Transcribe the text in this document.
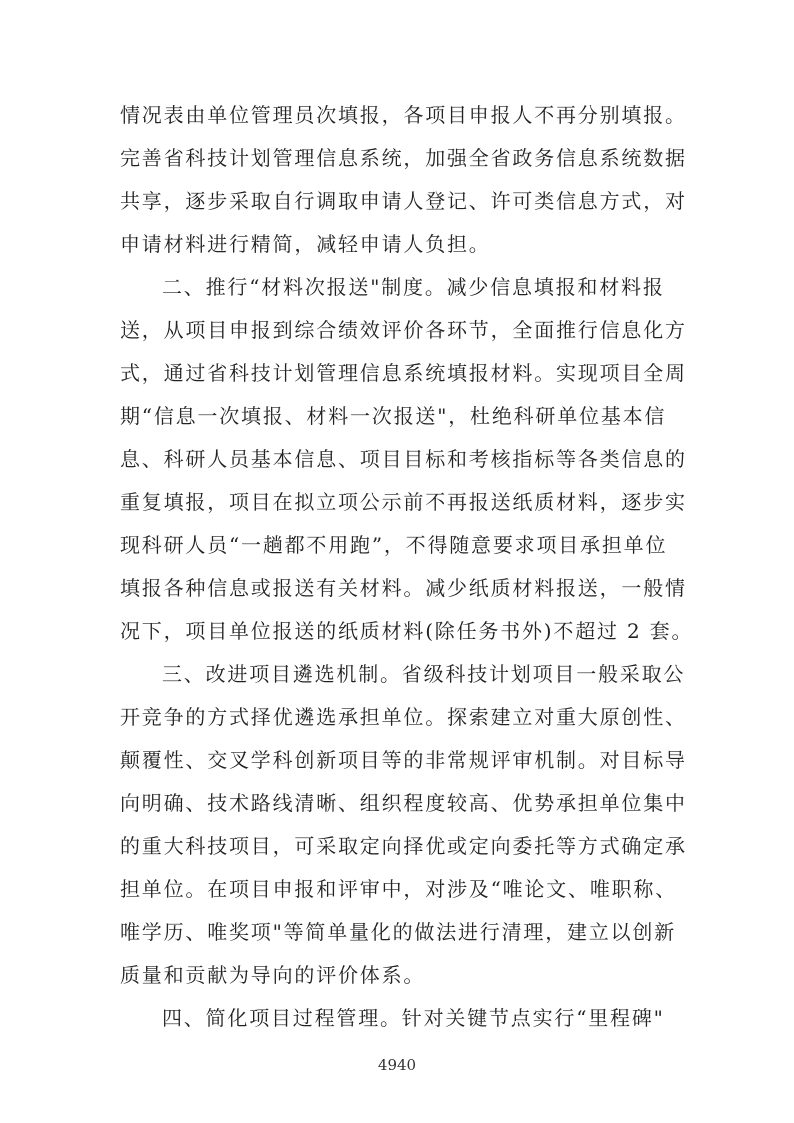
情况表由单位管理员次填报，各项目申报人不再分别填报。
完善省科技计划管理信息系统，加强全省政务信息系统数据
共享，逐步采取自行调取申请人登记、许可类信息方式，对
申请材料进行精简，减轻申请人负担。
二、推行“材料次报送"制度。减少信息填报和材料报
送，从项目申报到综合绩效评价各环节，全面推行信息化方
式，通过省科技计划管理信息系统填报材料。实现项目全周
期“信息一次填报、材料一次报送"，杜绝科研单位基本信
息、科研人员基本信息、项目目标和考核指标等各类信息的
重复填报，项目在拟立项公示前不再报送纸质材料，逐步实
现科研人员“一趟都不用跑”，不得随意要求项目承担单位
填报各种信息或报送有关材料。减少纸质材料报送，一般情
况下，项目单位报送的纸质材料(除任务书外)不超过 2 套。
三、改进项目遴选机制。省级科技计划项目一般采取公
开竞争的方式择优遴选承担单位。探索建立对重大原创性、
颠覆性、交叉学科创新项目等的非常规评审机制。对目标导
向明确、技术路线清晰、组织程度较高、优势承担单位集中
的重大科技项目，可采取定向择优或定向委托等方式确定承
担单位。在项目申报和评审中，对涉及“唯论文、唯职称、
唯学历、唯奖项"等简单量化的做法进行清理，建立以创新
质量和贡献为导向的评价体系。
四、简化项目过程管理。针对关键节点实行“里程碑"
4940
